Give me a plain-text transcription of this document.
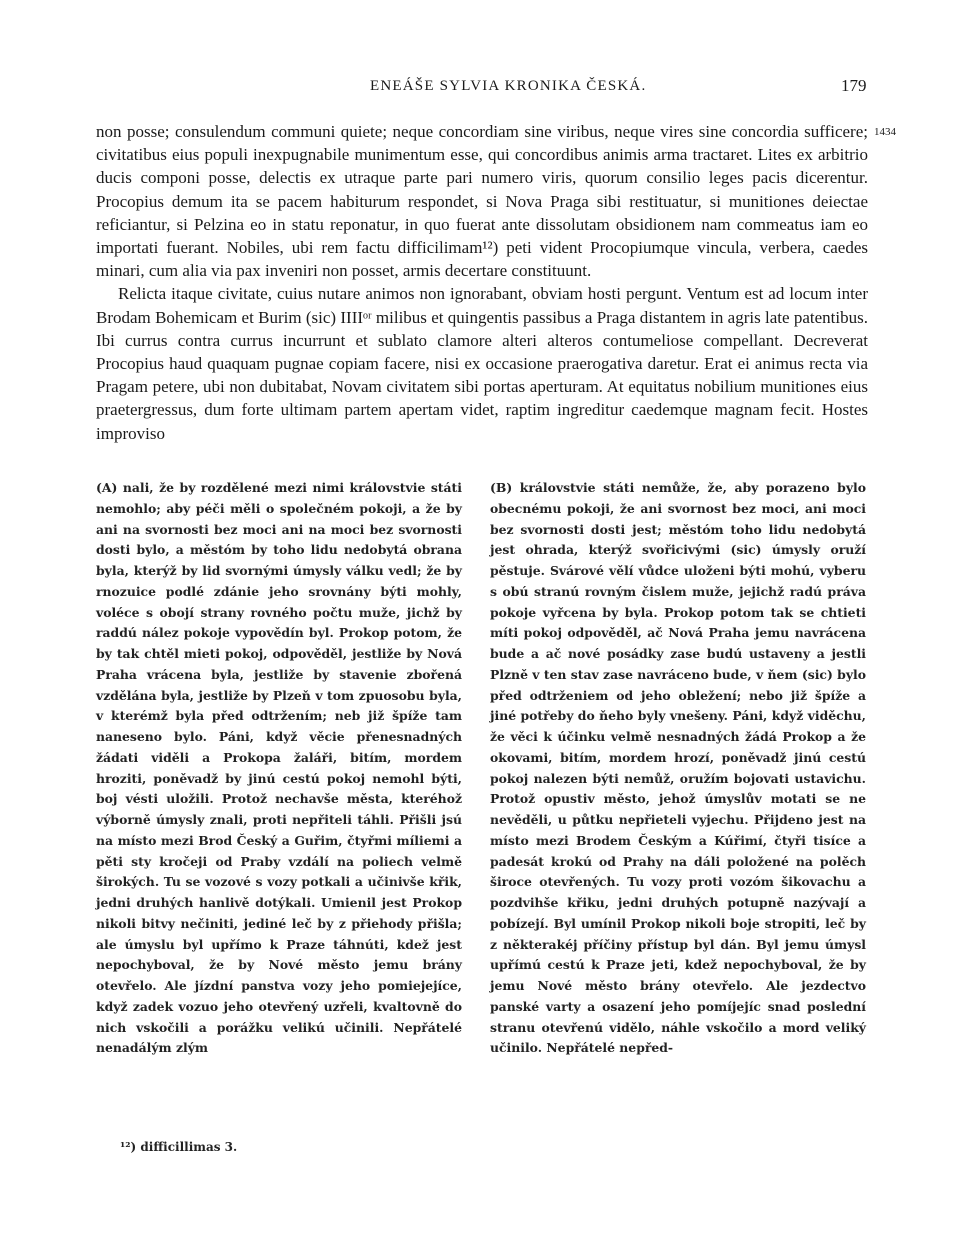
ENEÁŠE SYLVIA KRONIKA ČESKÁ.	179
1434

non posse; consulendum communi quiete; neque concordiam sine viribus, neque vires sine concordia sufficere; civitatibus eius populi inexpugnabile munimentum esse, qui concordibus animis arma tractaret. Lites ex arbitrio ducis componi posse, delectis ex utraque parte pari numero viris, quorum consilio leges pacis dicerentur. Procopius demum ita se pacem habiturum respondet, si Nova Praga sibi restituatur, si munitiones deiectae reficiantur, si Pelzina eo in statu reponatur, in quo fuerat ante dissolutam obsidionem nam commeatus iam eo importati fuerant. Nobiles, ubi rem factu difficilimam¹²) peti vident Procopiumque vincula, verbera, caedes minari, cum alia via pax inveniri non posset, armis decertare constituunt.

Relicta itaque civitate, cuius nutare animos non ignorabant, obviam hosti pergunt. Ventum est ad locum inter Brodam Bohemicam et Burim (sic) IIIIᵒʳ milibus et quingentis passibus a Praga distantem in agris late patentibus. Ibi currus contra currus incurrunt et sublato clamore alteri alteros contumeliose compellant. Decreverat Procopius haud quaquam pugnae copiam facere, nisi ex occasione praerogativa daretur. Erat ei animus recta via Pragam petere, ubi non dubitabat, Novam civitatem sibi portas aperturam. At equitatus nobilium munitiones eius praetergressus, dum forte ultimam partem apertam videt, raptim ingreditur caedemque magnam fecit. Hostes improviso

(A) nali, že by rozdělené mezi nimi královstvie státi nemohlo; aby péči měli o společném pokoji, a že by ani na svornosti bez moci ani na moci bez svornosti dosti bylo, a městóm by toho lidu nedobytá obrana byla, kterýž by lid svornými úmysly válku vedl; že by rnozuice podlé zdánie jeho srovnány býti mohly, voléce s obojí strany rovného počtu muže, jichž by raddú nález pokoje vypovědín byl. Prokop potom, že by tak chtěl mieti pokoj, odpověděl, jestliže by Nová Praha vrácena byla, jestliže by stavenie zbořená vzdělána byla, jestliže by Plzeň v tom zpuosobu byla, v kterémž byla před odtržením; neb již špíže tam naneseno bylo. Páni, když věcie přenesnadných žádati viděli a Prokopa žaláři, bitím, mordem hroziti, poněvadž by jinú cestú pokoj nemohl býti, boj vésti uložili. Protož nechavše města, kteréhož výborně úmysly znali, proti nepřiteli táhli. Přišli jsú na místo mezi Brod Český a Guřim, čtyřmi míliemi a pěti sty kročeji od Praby vzdálí na poliech velmě širokých. Tu se vozové s vozy potkali a učinivše křik, jedni druhých hanlivě dotýkali. Umienil jest Prokop nikoli bitvy nečiniti, jediné leč by z přiehody přišla; ale úmyslu byl upřímo k Praze táhnúti, kdež jest nepochyboval, že by Nové město jemu brány otevřelo. Ale jízdní panstva vozy jeho pomiejejíce, když zadek vozuo jeho otevřený uzřeli, kvaltovně do nich vskočili a porážku velikú učinili. Nepřátelé nenadálým zlým

(B) královstvie státi nemůže, že, aby porazeno bylo obecnému pokoji, že ani svornost bez moci, ani moci bez svornosti dosti jest; městóm toho lidu nedobytá jest ohrada, kterýž svořicivými (sic) úmysly oruží pěstuje. Svárové vělí vůdce uloženi býti mohú, vyberu s obú stranú rovným čislem muže, jejichž radú práva pokoje vyřcena by byla. Prokop potom tak se chtieti míti pokoj odpověděl, ač Nová Praha jemu navrácena bude a ač nové posádky zase budú ustaveny a jestli Plzně v ten stav zase navráceno bude, v ňem (sic) bylo před odtrženiem od jeho obležení; nebo již špíže a jiné potřeby do ňeho byly vnešeny. Páni, když viděchu, že věci k účinku velmě nesnadných žádá Prokop a že okovami, bitím, mordem hrozí, poněvadž jinú cestú pokoj nalezen býti nemůž, oružím bojovati ustavichu. Protož opustiv město, jehož úmyslův motati se ne nevěděli, u půtku nepřieteli vyjechu. Přijdeno jest na místo mezi Brodem Českým a Kúřimí, čtyři tisíce a padesát krokú od Prahy na dáli položené na polěch široce otevřených. Tu vozy proti vozóm šikovachu a pozdvihše křiku, jedni druhých potupně nazývají a pobízejí. Byl umínil Prokop nikoli boje stropiti, leč by z některakéj příčiny přístup byl dán. Byl jemu úmysl upřímú cestú k Praze jeti, kdež nepochyboval, že by jemu Nové město brány otevřelo. Ale jezdectvo panské varty a osazení jeho pomíjejíc snad poslední stranu otevřenú vidělo, náhle vskočilo a mord veliký učinilo. Nepřátelé nepřed-

¹²) difficillimas 3.
